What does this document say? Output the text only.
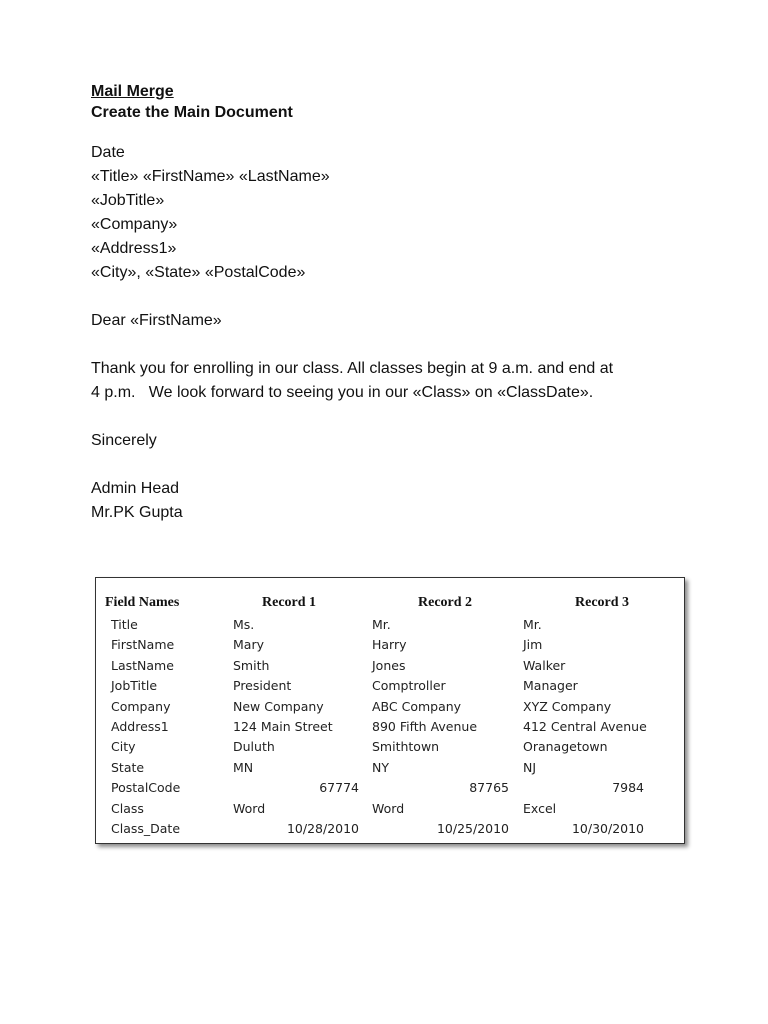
Mail Merge
Create the Main Document
Date
«Title» «FirstName» «LastName»
«JobTitle»
«Company»
«Address1»
«City», «State» «PostalCode»
Dear «FirstName»
Thank you for enrolling in our class. All classes begin at 9 a.m. and end at
4 p.m.   We look forward to seeing you in our «Class» on «ClassDate».
Sincerely
Admin Head
Mr.PK Gupta
Field Names	Record 1	Record 2	Record 3
Title	Ms.	Mr.	Mr.
FirstName	Mary	Harry	Jim
LastName	Smith	Jones	Walker
JobTitle	President	Comptroller	Manager
Company	New Company	ABC Company	XYZ Company
Address1	124 Main Street	890 Fifth Avenue	412 Central Avenue
City	Duluth	Smithtown	Oranagetown
State	MN	NY	NJ
PostalCode	67774	87765	7984
Class	Word	Word	Excel
Class_Date	10/28/2010	10/25/2010	10/30/2010
